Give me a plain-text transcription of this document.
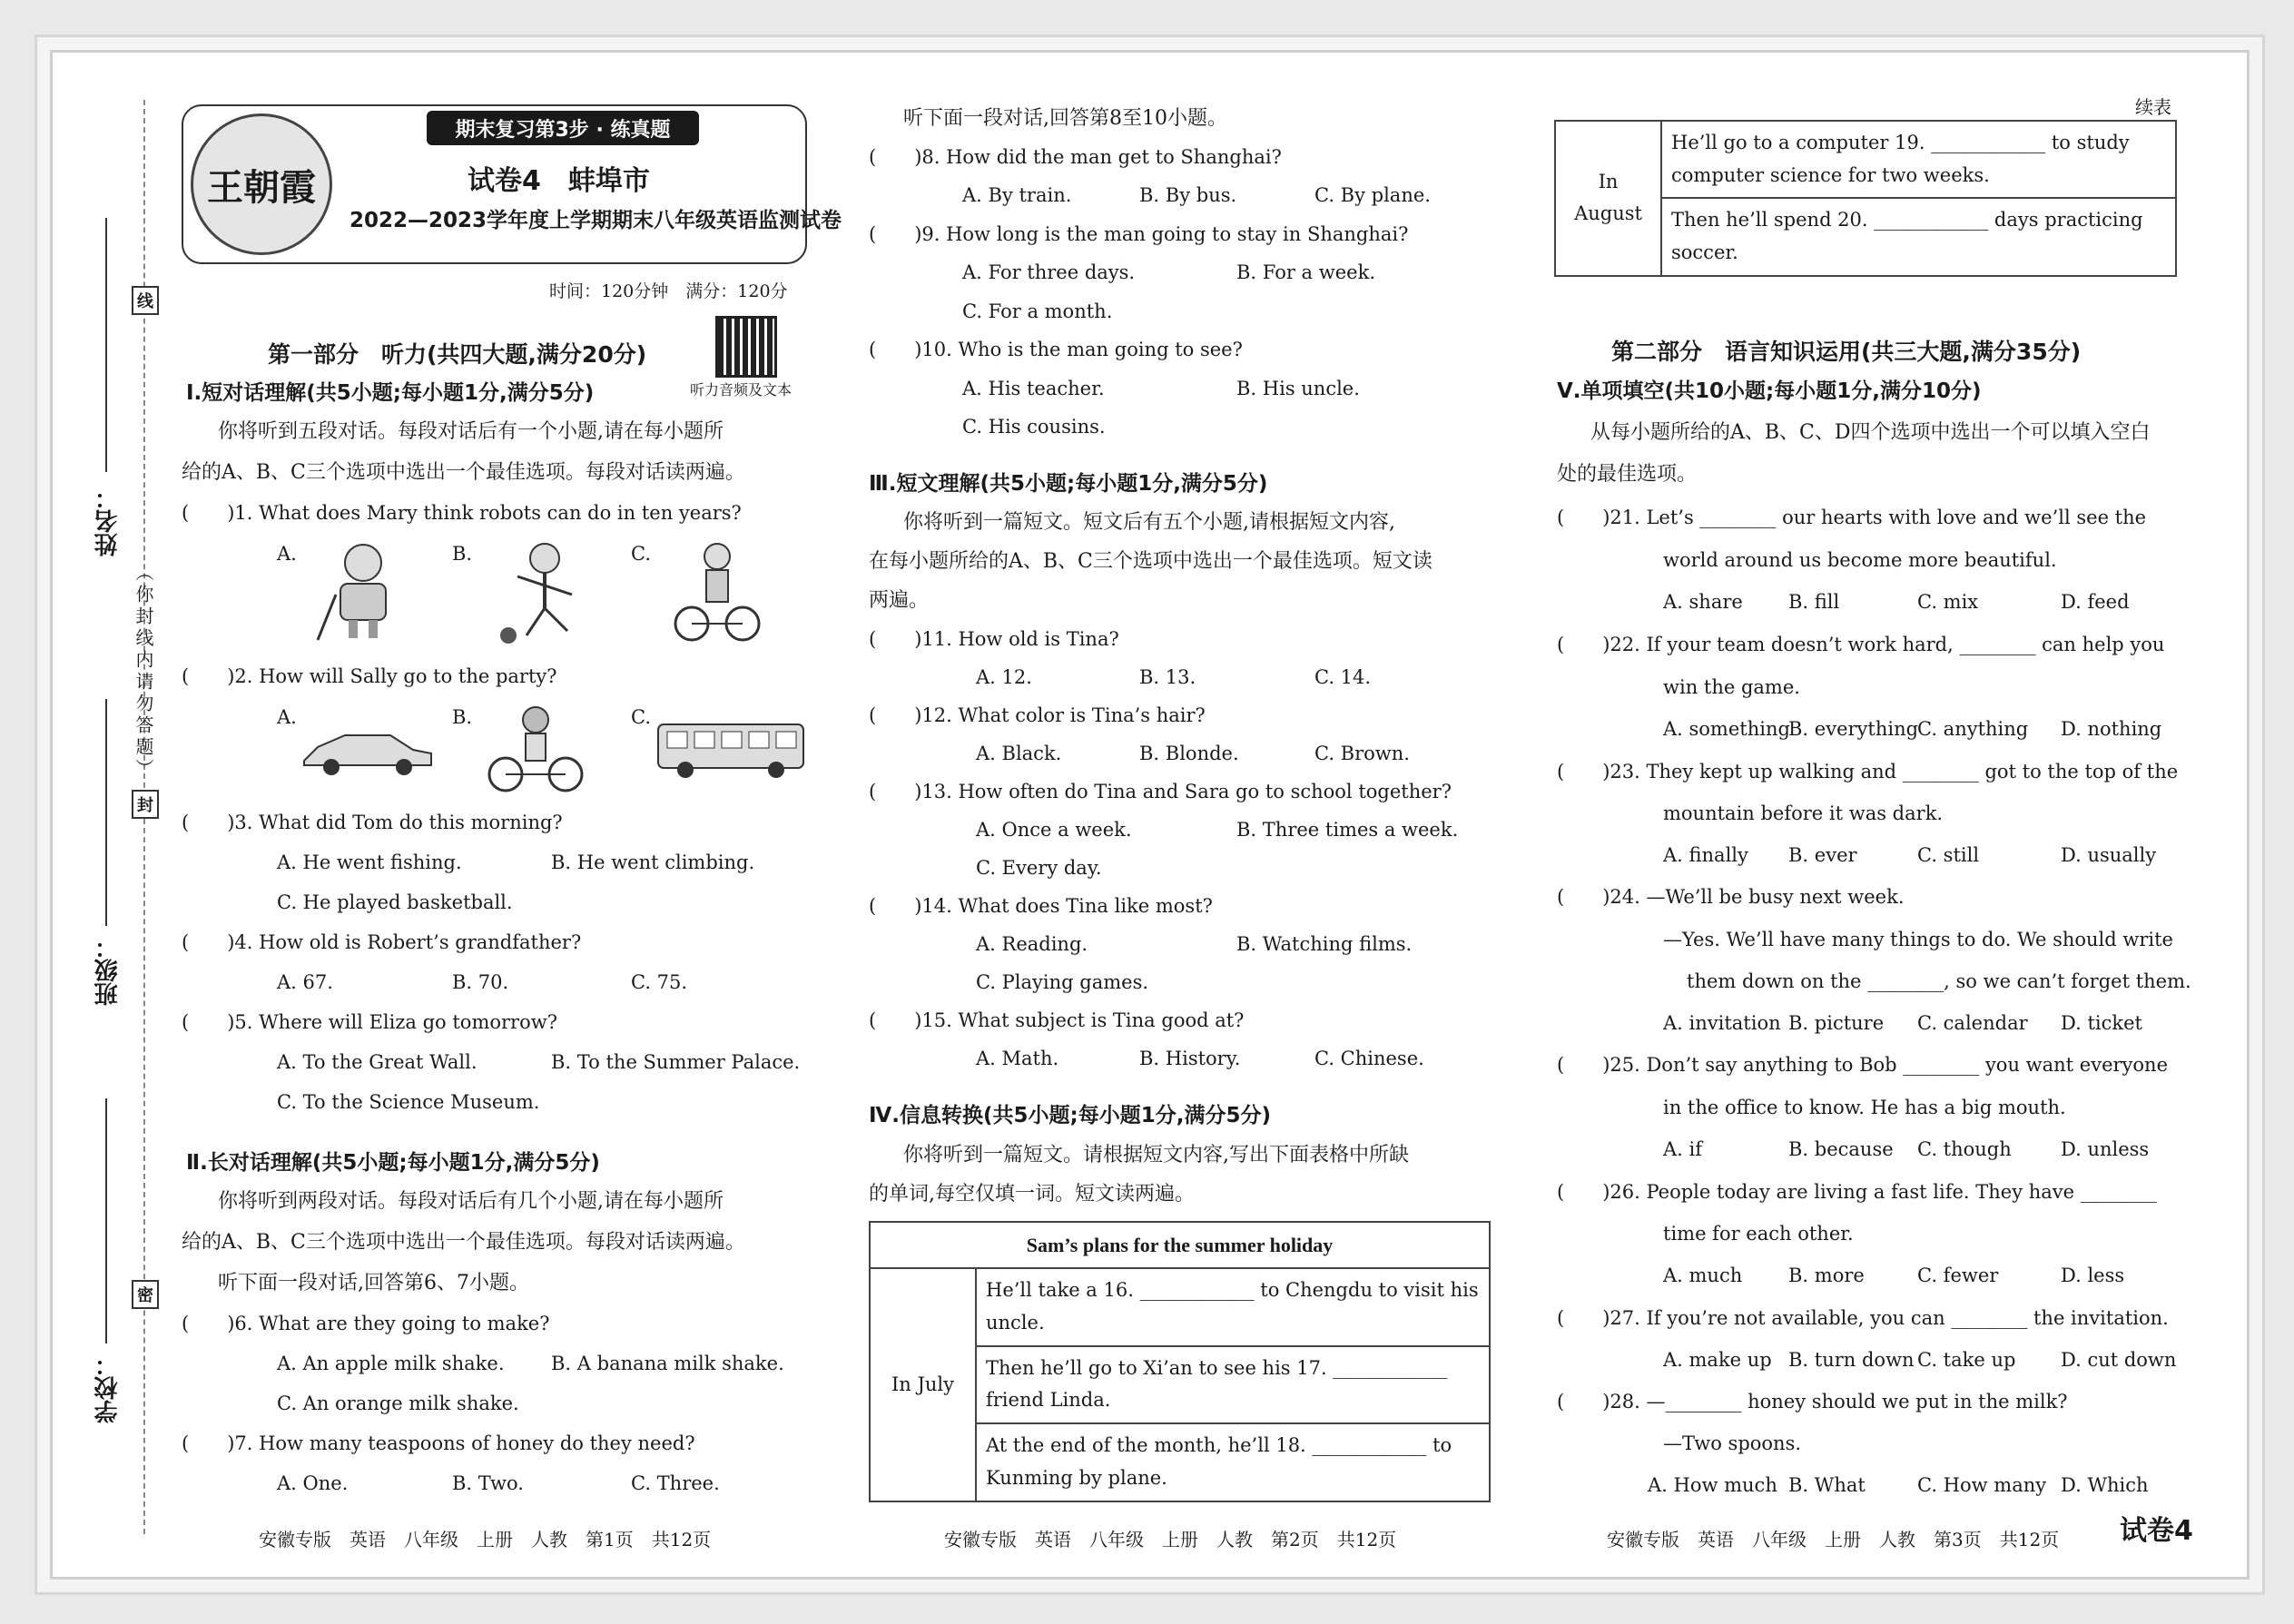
线
姓名：
（你封线内请勿答题）
封
班级：
密
学校：
王朝霞
期末复习第3步 · 练真题
试卷4　蚌埠市
2022—2023学年度上学期期末八年级英语监测试卷
时间：120分钟　满分：120分
听力音频及文本
第一部分　听力(共四大题,满分20分)
Ⅰ.短对话理解(共5小题;每小题1分,满分5分)
你将听到五段对话。每段对话后有一个小题,请在每小题所
给的A、B、C三个选项中选出一个最佳选项。每段对话读两遍。
(　　)1. What does Mary think robots can do in ten years?
A.	B.	C.
(　　)2. How will Sally go to the party?
A.	B.	C.
(　　)3. What did Tom do this morning?
A. He went fishing.	B. He went climbing.
C. He played basketball.
(　　)4. How old is Robert’s grandfather?
A. 67.	B. 70.	C. 75.
(　　)5. Where will Eliza go tomorrow?
A. To the Great Wall.	B. To the Summer Palace.
C. To the Science Museum.
Ⅱ.长对话理解(共5小题;每小题1分,满分5分)
你将听到两段对话。每段对话后有几个小题,请在每小题所
给的A、B、C三个选项中选出一个最佳选项。每段对话读两遍。
听下面一段对话,回答第6、7小题。
(　　)6. What are they going to make?
A. An apple milk shake. B. A banana milk shake.
C. An orange milk shake.
(　　)7. How many teaspoons of honey do they need?
A. One.	B. Two.	C. Three.
听下面一段对话,回答第8至10小题。
(　　)8. How did the man get to Shanghai?
A. By train.	B. By bus.	C. By plane.
(　　)9. How long is the man going to stay in Shanghai?
A. For three days.	B. For a week.
C. For a month.
(　　)10. Who is the man going to see?
A. His teacher.	B. His uncle.
C. His cousins.
Ⅲ.短文理解(共5小题;每小题1分,满分5分)
你将听到一篇短文。短文后有五个小题,请根据短文内容,
在每小题所给的A、B、C三个选项中选出一个最佳选项。短文读
两遍。
(　　)11. How old is Tina?
A. 12.	B. 13.	C. 14.
(　　)12. What color is Tina’s hair?
A. Black.	B. Blonde.	C. Brown.
(　　)13. How often do Tina and Sara go to school together?
A. Once a week.	B. Three times a week.
C. Every day.
(　　)14. What does Tina like most?
A. Reading.	B. Watching films.
C. Playing games.
(　　)15. What subject is Tina good at?
A. Math.	B. History.	C. Chinese.
Ⅳ.信息转换(共5小题;每小题1分,满分5分)
你将听到一篇短文。请根据短文内容,写出下面表格中所缺
的单词,每空仅填一词。短文读两遍。
Sam’s plans for the summer holiday
In July	He’ll take a 16. ____________ to Chengdu to visit his uncle.
Then he’ll go to Xi’an to see his 17. ____________ friend Linda.
At the end of the month, he’ll 18. ____________ to Kunming by plane.
续表
In August	He’ll go to a computer 19. ____________ to study computer science for two weeks.
Then he’ll spend 20. ____________ days practicing soccer.
第二部分　语言知识运用(共三大题,满分35分)
Ⅴ.单项填空(共10小题;每小题1分,满分10分)
从每小题所给的A、B、C、D四个选项中选出一个可以填入空白
处的最佳选项。
(　　)21. Let’s ________ our hearts with love and we’ll see the
world around us become more beautiful.
A. share B. fill	C. mix	D. feed
(　　)22. If your team doesn’t work hard, ________ can help you
win the game.
A. something
B. everything
C. anything D. nothing
(　　)23. They kept up walking and ________ got to the top of the
mountain before it was dark.
A. finally B. ever	C. still	D. usually
(　　)24. —We’ll be busy next week.
—Yes. We’ll have many things to do. We should write
them down on the ________, so we can’t forget them.
A. invitation B. picture C. calendar D. ticket
(　　)25. Don’t say anything to Bob ________ you want everyone
in the office to know. He has a big mouth.
A. if	B. because C. though	D. unless
(　　)26. People today are living a fast life. They have ________
time for each other.
A. much B. more	C. fewer	D. less
(　　)27. If you’re not available, you can ________ the invitation.
A. make up B. turn down C. take up D. cut down
(　　)28. —________ honey should we put in the milk?
—Two spoons.
A. How much B. What	C. How many D. Which
安徽专版　英语　八年级　上册　人教　第1页　共12页	安徽专版　英语　八年级　上册　人教　第2页　共12页	安徽专版　英语　八年级　上册　人教　第3页　共12页 试卷4
